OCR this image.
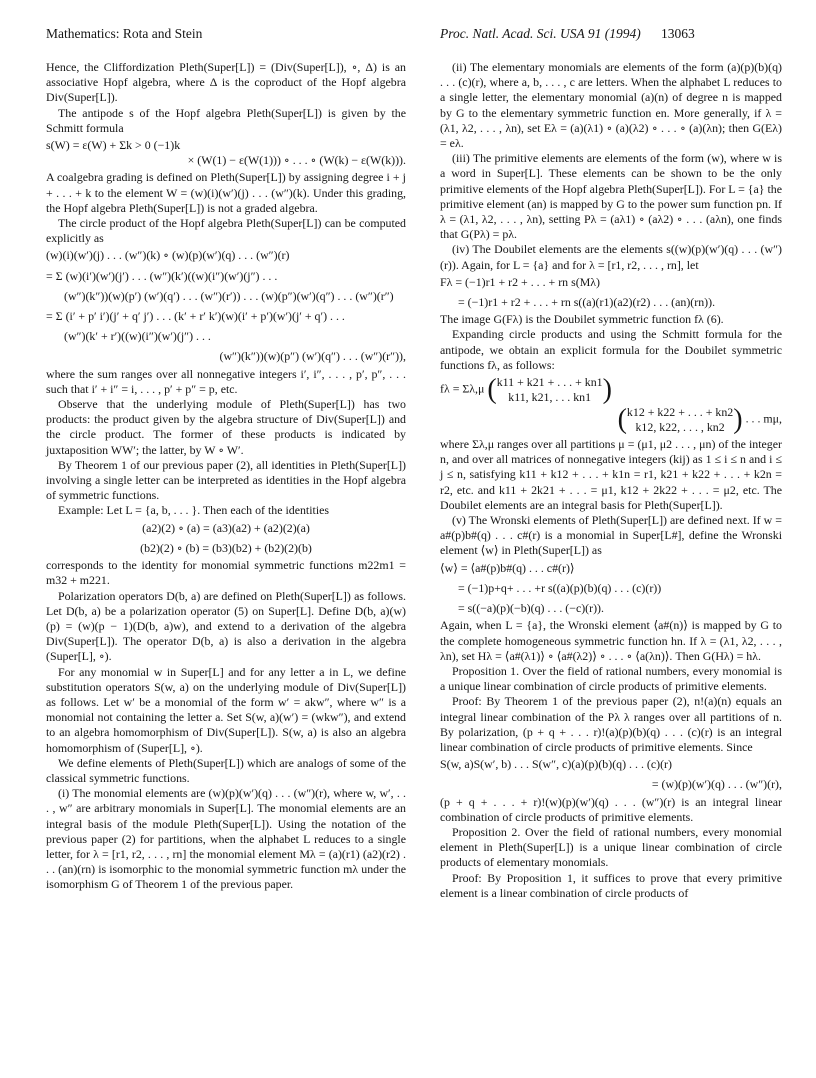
Mathematics: Rota and Stein	Proc. Natl. Acad. Sci. USA 91 (1994) 13063

Hence, the Cliffordization Pleth(Super[L]) = (Div(Super[L]), ∘, Δ) is an associative Hopf algebra, where Δ is the coproduct of the Hopf algebra Div(Super[L]).

The antipode s of the Hopf algebra Pleth(Super[L]) is given by the Schmitt formula

s(W) = ε(W) + Σk > 0 (−1)k
× (W(1) − ε(W(1))) ∘ . . . ∘ (W(k) − ε(W(k))).

A coalgebra grading is defined on Pleth(Super[L]) by assigning degree i + j + . . . + k to the element W = (w)(i)(w′)(j) . . . (w″)(k). Under this grading, the Hopf algebra Pleth(Super[L]) is not a graded algebra.

The circle product of the Hopf algebra Pleth(Super[L]) can be computed explicitly as

(w)(i)(w′)(j) . . . (w″)(k) ∘ (w)(p)(w′)(q) . . . (w″)(r)
= Σ (w)(i′)(w′)(j′) . . . (w″)(k′)((w)(i″)(w′)(j″) . . .
(w″)(k″))(w)(p′) (w′)(q′) . . . (w″)(r′)) . . . (w)(p″)(w′)(q″) . . . (w″)(r″)
= Σ (i′ + p′ i′)(j′ + q′ j′) . . . (k′ + r′ k′)(w)(i′ + p′)(w′)(j′ + q′) . . .
(w″)(k′ + r′)((w)(i″)(w′)(j″) . . .
(w″)(k″))(w)(p″) (w′)(q″) . . . (w″)(r″)),

where the sum ranges over all nonnegative integers i′, i″, . . . , p′, p″, . . . such that i′ + i″ = i, . . . , p′ + p″ = p, etc.

Observe that the underlying module of Pleth(Super[L]) has two products: the product given by the algebra structure of Div(Super[L]) and the circle product. The former of these products is indicated by juxtaposition WW′; the latter, by W ∘ W′.

By Theorem 1 of our previous paper (2), all identities in Pleth(Super[L]) involving a single letter can be interpreted as identities in the Hopf algebra of symmetric functions.

Example: Let L = {a, b, . . . }. Then each of the identities

(a2)(2) ∘ (a) = (a3)(a2) + (a2)(2)(a)
(b2)(2) ∘ (b) = (b3)(b2) + (b2)(2)(b)

corresponds to the identity for monomial symmetric functions m22m1 = m32 + m221.

Polarization operators D(b, a) are defined on Pleth(Super[L]) as follows. Let D(b, a) be a polarization operator (5) on Super[L]. Define D(b, a)(w)(p) = (w)(p − 1)(D(b, a)w), and extend to a derivation of the algebra Div(Super[L]). The operator D(b, a) is also a derivation in the algebra (Super[L], ∘).

For any monomial w in Super[L] and for any letter a in L, we define substitution operators S(w, a) on the underlying module of Div(Super[L]) as follows. Let w′ be a monomial of the form w′ = akw″, where w″ is a monomial not containing the letter a. Set S(w, a)(w′) = (wkw″), and extend to an algebra homomorphism of Div(Super[L]). S(w, a) is also an algebra homomorphism of (Super[L], ∘).

We define elements of Pleth(Super[L]) which are analogs of some of the classical symmetric functions.

(i) The monomial elements are (w)(p)(w′)(q) . . . (w″)(r), where w, w′, . . . , w″ are arbitrary monomials in Super[L]. The monomial elements are an integral basis of the module Pleth(Super[L]). Using the notation of the previous paper (2) for partitions, when the alphabet L reduces to a single letter, for λ = [r1, r2, . . . , rn] the monomial element Mλ = (a)(r1) (a2)(r2) . . . (an)(rn) is isomorphic to the monomial symmetric function mλ under the isomorphism G of Theorem 1 of the previous paper.

(ii) The elementary monomials are elements of the form (a)(p)(b)(q) . . . (c)(r), where a, b, . . . , c are letters. When the alphabet L reduces to a single letter, the elementary monomial (a)(n) of degree n is mapped by G to the elementary symmetric function en. More generally, if λ = (λ1, λ2, . . . , λn), set Eλ = (a)(λ1) ∘ (a)(λ2) ∘ . . . ∘ (a)(λn); then G(Eλ) = eλ.

(iii) The primitive elements are elements of the form (w), where w is a word in Super[L]. These elements can be shown to be the only primitive elements of the Hopf algebra Pleth(Super[L]). For L = {a} the primitive element (an) is mapped by G to the power sum function pn. If λ = (λ1, λ2, . . . , λn), setting Pλ = (aλ1) ∘ (aλ2) ∘ . . . (aλn), one finds that G(Pλ) = pλ.

(iv) The Doubilet elements are the elements s((w)(p)(w′)(q) . . . (w″)(r)). Again, for L = {a} and for λ = [r1, r2, . . . , rn], let

Fλ = (−1)r1 + r2 + . . . + rn s(Mλ)
= (−1)r1 + r2 + . . . + rn s((a)(r1)(a2)(r2) . . . (an)(rn)).

The image G(Fλ) is the Doubilet symmetric function fλ (6).

Expanding circle products and using the Schmitt formula for the antipode, we obtain an explicit formula for the Doubilet symmetric functions fλ, as follows:

fλ = Σλ,μ (k11 + k21 + . . . + kn1
k11, k21, . . . kn1 )
(k12 + k22 + . . . + kn2
k12, k22, . . . , kn2 ) . . . mμ,

where Σλ,μ ranges over all partitions μ = (μ1, μ2 . . . , μn) of the integer n, and over all matrices of nonnegative integers (kij) as 1 ≤ i ≤ n and i ≤ j ≤ n, satisfying k11 + k12 + . . . + k1n = r1, k21 + k22 + . . . + k2n = r2, etc. and k11 + 2k21 + . . . = μ1, k12 + 2k22 + . . . = μ2, etc. The Doubilet elements are an integral basis for Pleth(Super[L]).

(v) The Wronski elements of Pleth(Super[L]) are defined next. If w = a#(p)b#(q) . . . c#(r) is a monomial in Super[L#], define the Wronski element ⟨w⟩ in Pleth(Super[L]) as

⟨w⟩ = ⟨a#(p)b#(q) . . . c#(r)⟩
= (−1)p+q+ . . . +r s((a)(p)(b)(q) . . . (c)(r))
= s((−a)(p)(−b)(q) . . . (−c)(r)).

Again, when L = {a}, the Wronski element ⟨a#(n)⟩ is mapped by G to the complete homogeneous symmetric function hn. If λ = (λ1, λ2, . . . , λn), set Hλ = ⟨a#(λ1)⟩ ∘ ⟨a#(λ2)⟩ ∘ . . . ∘ ⟨a(λn)⟩. Then G(Hλ) = hλ.

Proposition 1. Over the field of rational numbers, every monomial is a unique linear combination of circle products of primitive elements.

Proof: By Theorem 1 of the previous paper (2), n!(a)(n) equals an integral linear combination of the Pλ λ ranges over all partitions of n. By polarization, (p + q + . . . r)!(a)(p)(b)(q) . . . (c)(r) is an integral linear combination of circle products of primitive elements. Since

S(w, a)S(w′, b) . . . S(w″, c)(a)(p)(b)(q) . . . (c)(r)
= (w)(p)(w′)(q) . . . (w″)(r),

(p + q + . . . + r)!(w)(p)(w′)(q) . . . (w″)(r) is an integral linear combination of circle products of primitive elements.

Proposition 2. Over the field of rational numbers, every monomial element in Pleth(Super[L]) is a unique linear combination of circle products of elementary monomials.

Proof: By Proposition 1, it suffices to prove that every primitive element is a linear combination of circle products of
